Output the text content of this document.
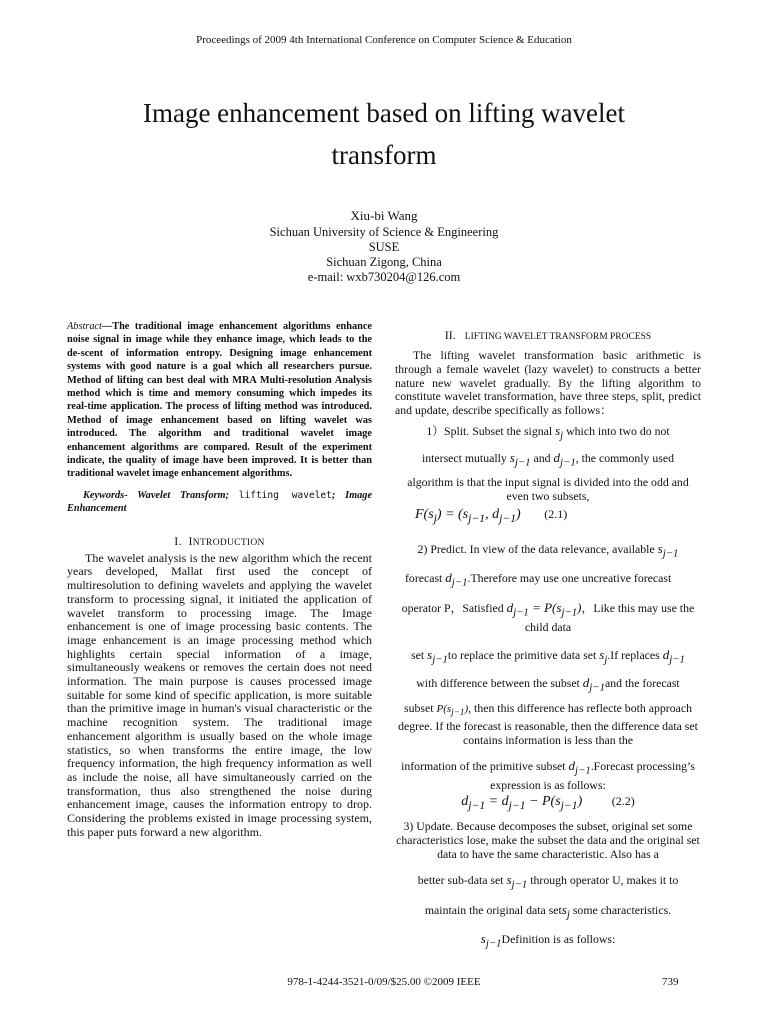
Proceedings of 2009 4th International Conference on Computer Science & Education
Image enhancement based on lifting wavelet
transform
Xiu-bi Wang
Sichuan University of Science & Engineering
SUSE
Sichuan Zigong, China
e-mail: wxb730204@126.com
Abstract—The traditional image enhancement algorithms enhance noise signal in image while they enhance image, which leads to the de-scent of information entropy. Designing image enhancement systems with good nature is a goal which all researchers pursue. Method of lifting can best deal with MRA Multi-resolution Analysis method which is time and memory consuming which impedes its real-time application. The process of lifting method was introduced. Method of image enhancement based on lifting wavelet was introduced. The algorithm and traditional wavelet image enhancement algorithms are compared. Result of the experiment indicate, the quality of image have been improved. It is better than traditional wavelet image enhancement algorithms.
Keywords- Wavelet Transform; lifting wavelet; Image Enhancement
I. INTRODUCTION
The wavelet analysis is the new algorithm which the recent years developed, Mallat first used the concept of multiresolution to defining wavelets and applying the wavelet transform to processing signal, it initiated the application of wavelet transform to processing image. The Image enhancement is one of image processing basic contents. The image enhancement is an image processing method which highlights certain special information of a image, simultaneously weakens or removes the certain does not need information. The main purpose is causes processed image suitable for some kind of specific application, is more suitable than the primitive image in human's visual characteristic or the machine recognition system. The traditional image enhancement algorithm is usually based on the whole image statistics, so when transforms the entire image, the low frequency information, the high frequency information as well as include the noise, all have simultaneously carried on the transformation, thus also strengthened the noise during enhancement image, causes the information entropy to drop. Considering the problems existed in image processing system, this paper puts forward a new algorithm.
II. LIFTING WAVELET TRANSFORM PROCESS
The lifting wavelet transformation basic arithmetic is through a female wavelet (lazy wavelet) to constructs a better nature new wavelet gradually. By the lifting algorithm to constitute wavelet transformation, have three steps, split, predict and update, describe specifically as follows：
1）Split. Subset the signal $s_j$ which into two do not
intersect mutually $s_{j-1}$ and $d_{j-1}$, the commonly used
algorithm is that the input signal is divided into the odd and even two subsets,
$F(s_j) = (s_{j-1}$, $d_{j-1}$) (2.1)
2) Predict. In view of the data relevance, available $s_{j-1}$
forecast $d_{j-1}.Therefore$ may use one uncreative forecast
operator P，Satisfied $d_{j-1} = P(s_{j-1})$，Like this may use the child data
set $s_{j-1}to$ replace the primitive data set $s_j.If$ replaces $d_{j-1}$
with difference between the subset $d_{j-1}and$ the forecast
subset $P(s_{j-1})$, then this difference has reflecte both approach degree. If the forecast is reasonable, then the difference data set contains information is less than the
information of the primitive subset $d_{j-1}.Forecast$ processing’s expression is as follows:
$d_{j-1} = d_{j-1} - P(s_{j-1})$ (2.2)
3) Update. Because decomposes the subset, original set some characteristics lose, make the subset the data and the original set data to have the same characteristic. Also has a
better sub-data set $s_{j-1}$ through operator U, makes it to
maintain the original data sets$_j$ some characteristics.
$s_{j-1}Definition$ is as follows:
978-1-4244-3521-0/09/$25.00 ©2009 IEEE	739
